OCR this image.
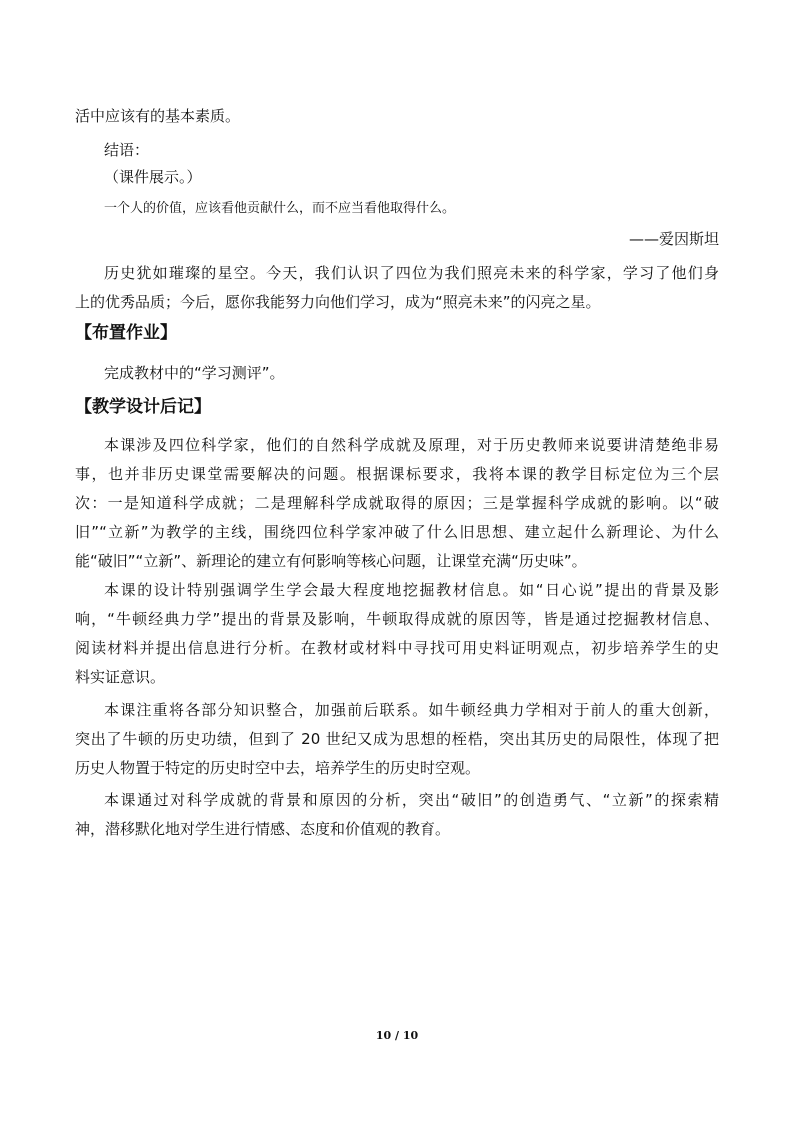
活中应该有的基本素质。
结语：
（课件展示。）
一个人的价值，应该看他贡献什么，而不应当看他取得什么。
——爱因斯坦
历史犹如璀璨的星空。今天，我们认识了四位为我们照亮未来的科学家，学习了他们身
上的优秀品质；今后，愿你我能努力向他们学习，成为“照亮未来”的闪亮之星。
【布置作业】
完成教材中的“学习测评”。
【教学设计后记】
本课涉及四位科学家，他们的自然科学成就及原理，对于历史教师来说要讲清楚绝非易
事，也并非历史课堂需要解决的问题。根据课标要求，我将本课的教学目标定位为三个层
次：一是知道科学成就；二是理解科学成就取得的原因；三是掌握科学成就的影响。以“破
旧”“立新”为教学的主线，围绕四位科学家冲破了什么旧思想、建立起什么新理论、为什么
能“破旧”“立新”、新理论的建立有何影响等核心问题，让课堂充满“历史味”。
本课的设计特别强调学生学会最大程度地挖掘教材信息。如“日心说”提出的背景及影
响，“牛顿经典力学”提出的背景及影响，牛顿取得成就的原因等，皆是通过挖掘教材信息、
阅读材料并提出信息进行分析。在教材或材料中寻找可用史料证明观点，初步培养学生的史
料实证意识。
本课注重将各部分知识整合，加强前后联系。如牛顿经典力学相对于前人的重大创新，
突出了牛顿的历史功绩，但到了 20 世纪又成为思想的桎梏，突出其历史的局限性，体现了把
历史人物置于特定的历史时空中去，培养学生的历史时空观。
本课通过对科学成就的背景和原因的分析，突出“破旧”的创造勇气、“立新”的探索精
神，潜移默化地对学生进行情感、态度和价值观的教育。
10 / 10
